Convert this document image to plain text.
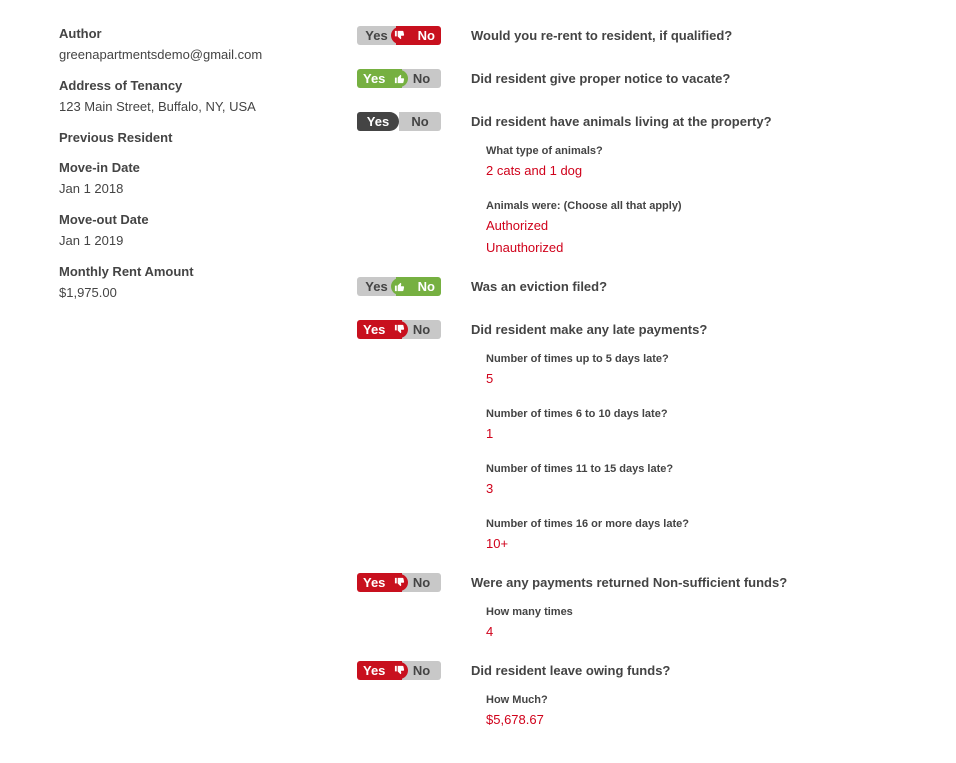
Author
greenapartmentsdemo@gmail.com
Address of Tenancy
123 Main Street, Buffalo, NY, USA
Previous Resident
Move-in Date
Jan 1 2018
Move-out Date
Jan 1 2019
Monthly Rent Amount
$1,975.00
Yes	No	Would you re-rent to resident, if qualified?
Yes	No	Did resident give proper notice to vacate?
Yes	No	Did resident have animals living at the property?
What type of animals?
2 cats and 1 dog
Animals were: (Choose all that apply)
Authorized
Unauthorized
Yes	No	Was an eviction filed?
Yes	No	Did resident make any late payments?
Number of times up to 5 days late?
5
Number of times 6 to 10 days late?
1
Number of times 11 to 15 days late?
3
Number of times 16 or more days late?
10+
Yes	No	Were any payments returned Non-sufficient funds?
How many times
4
Yes	No	Did resident leave owing funds?
How Much?
$5,678.67
